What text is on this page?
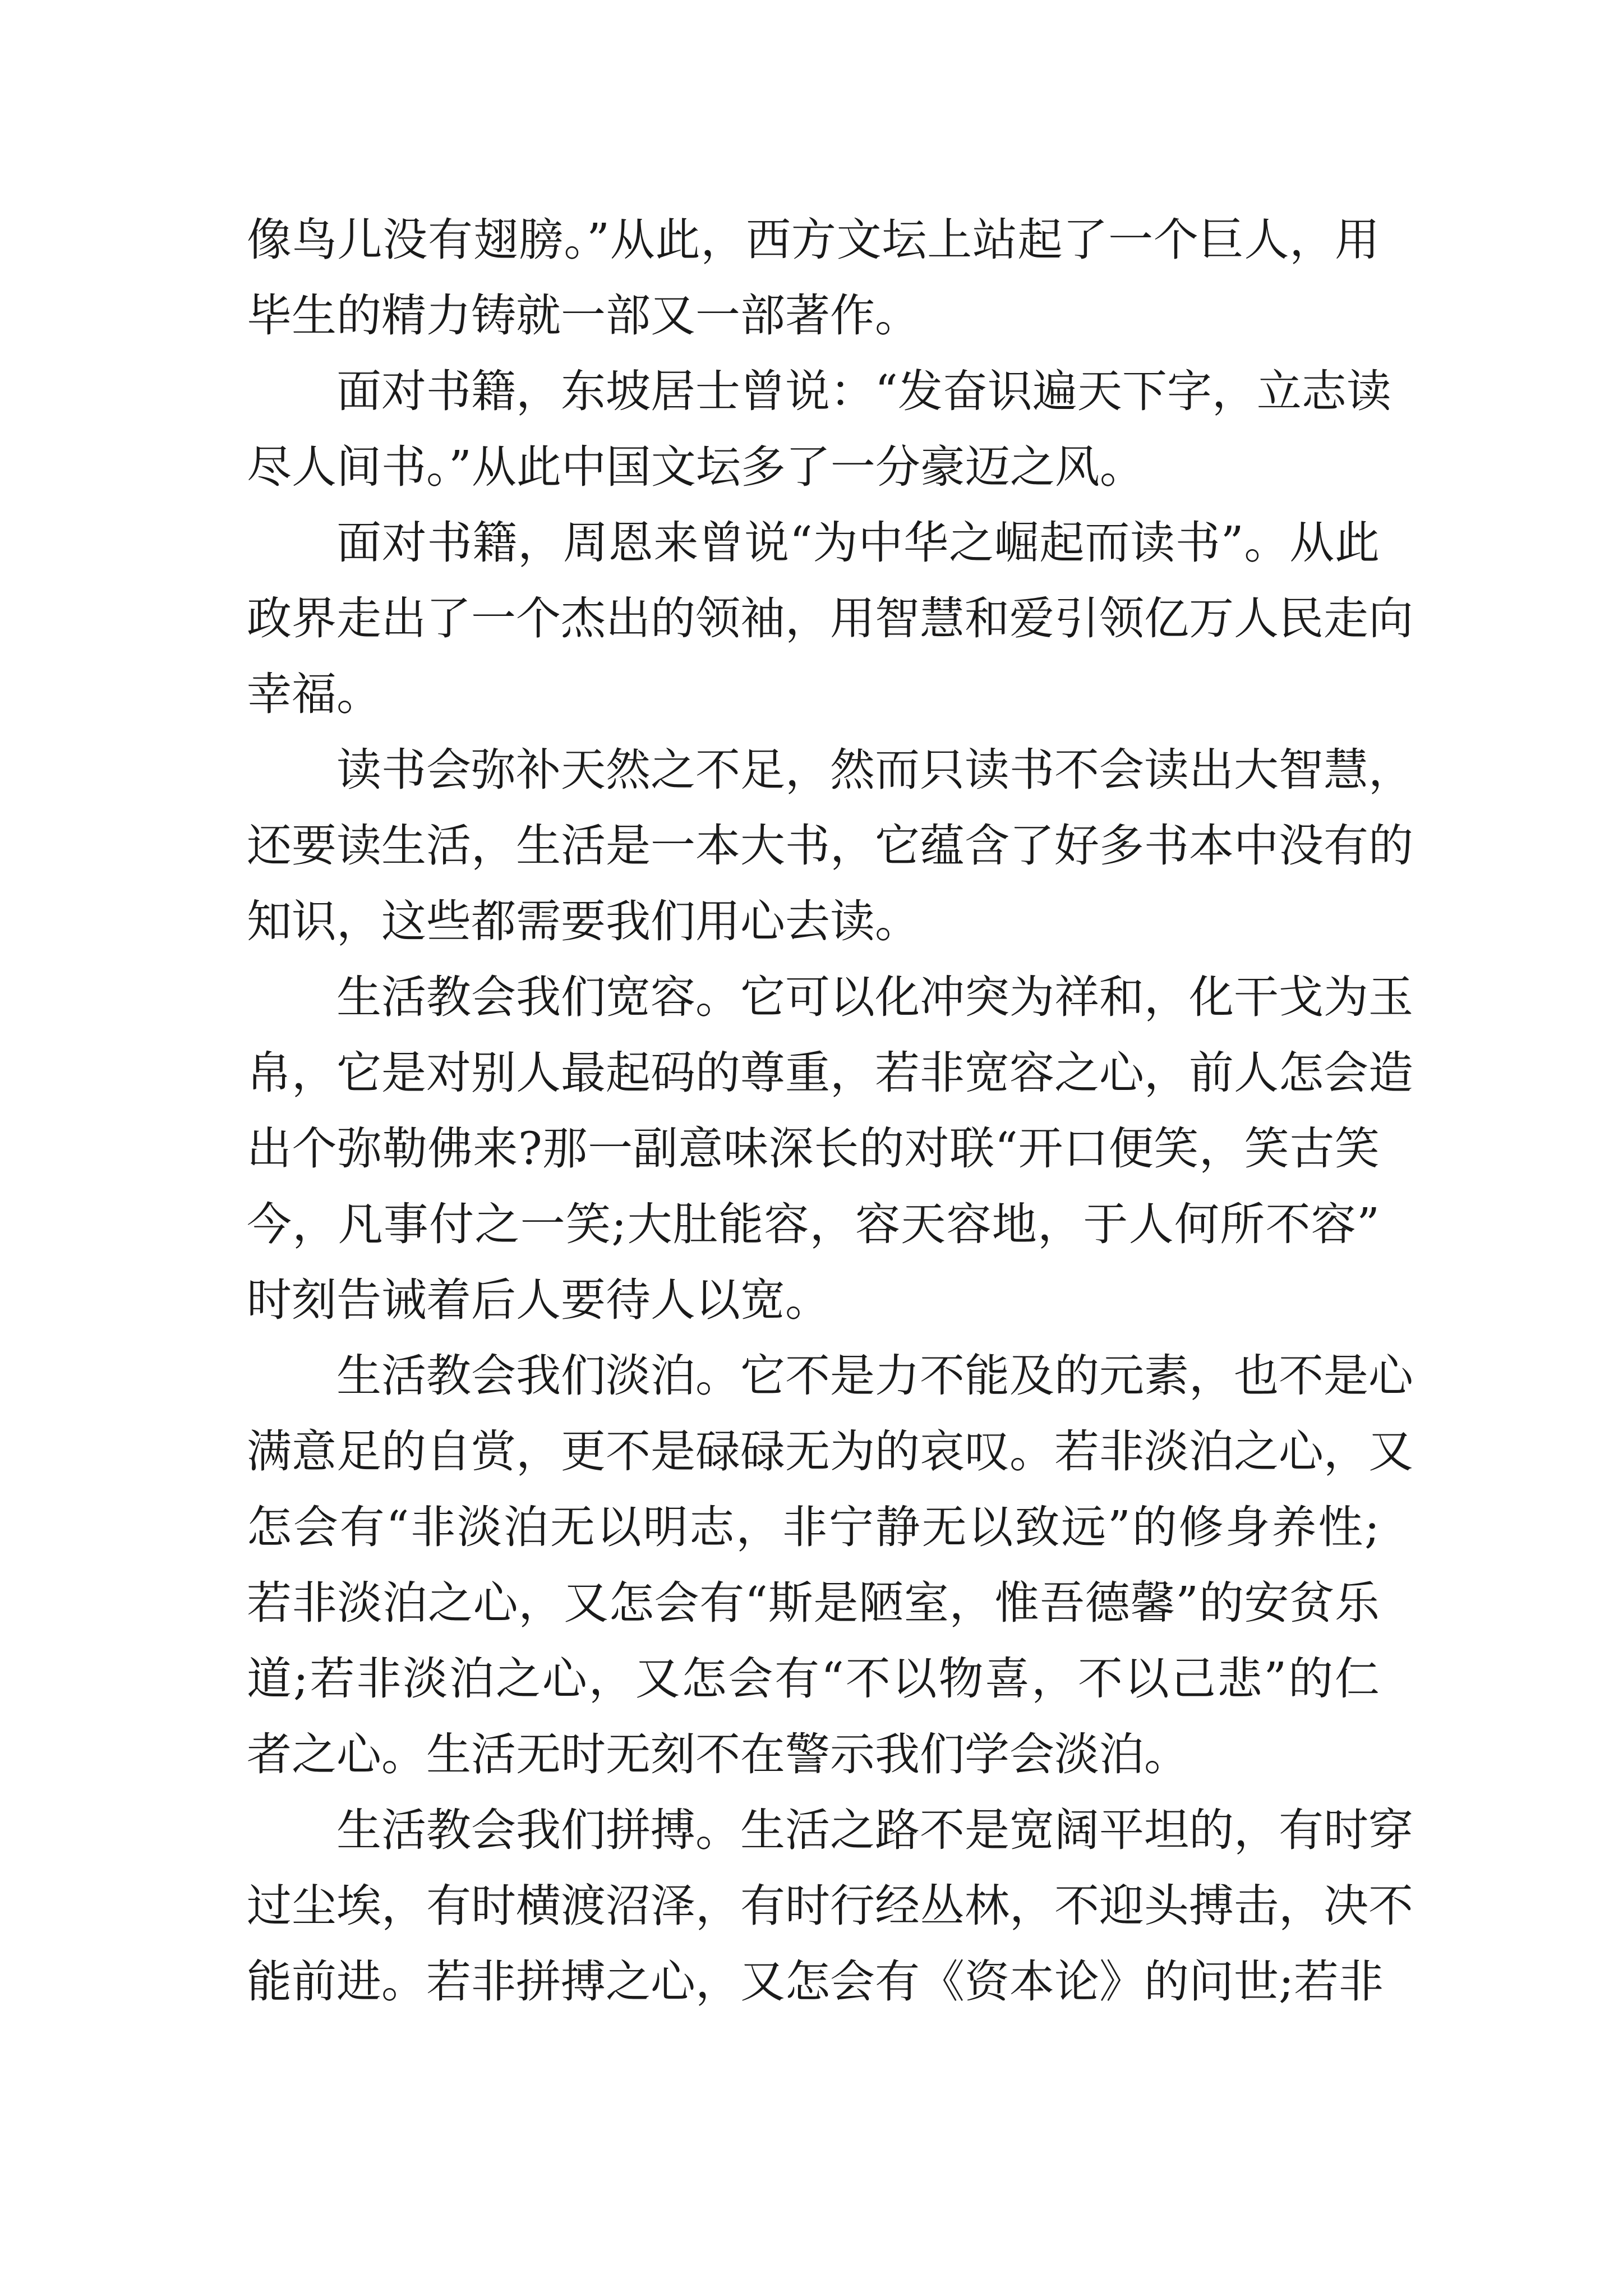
像鸟儿没有翅膀。”从此，西方文坛上站起了一个巨人，用
毕生的精力铸就一部又一部著作。
面对书籍，东坡居士曾说：“发奋识遍天下字，立志读
尽人间书。”从此中国文坛多了一分豪迈之风。
面对书籍，周恩来曾说“为中华之崛起而读书”。从此
政界走出了一个杰出的领袖，用智慧和爱引领亿万人民走向
幸福。
读书会弥补天然之不足，然而只读书不会读出大智慧，
还要读生活，生活是一本大书，它蕴含了好多书本中没有的
知识，这些都需要我们用心去读。
生活教会我们宽容。它可以化冲突为祥和，化干戈为玉
帛，它是对别人最起码的尊重，若非宽容之心，前人怎会造
出个弥勒佛来?那一副意味深长的对联“开口便笑，笑古笑
今，凡事付之一笑;大肚能容，容天容地，于人何所不容”
时刻告诫着后人要待人以宽。
生活教会我们淡泊。它不是力不能及的元素，也不是心
满意足的自赏，更不是碌碌无为的哀叹。若非淡泊之心，又
怎会有“非淡泊无以明志，非宁静无以致远”的修身养性;
若非淡泊之心，又怎会有“斯是陋室，惟吾德馨”的安贫乐
道;若非淡泊之心，又怎会有“不以物喜，不以己悲”的仁
者之心。生活无时无刻不在警示我们学会淡泊。
生活教会我们拼搏。生活之路不是宽阔平坦的，有时穿
过尘埃，有时横渡沼泽，有时行经丛林，不迎头搏击，决不
能前进。若非拼搏之心，又怎会有《资本论》的问世;若非
